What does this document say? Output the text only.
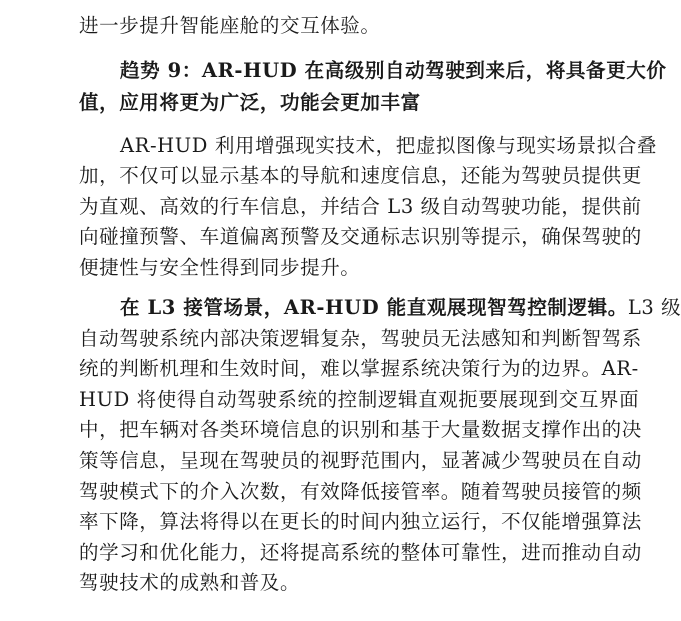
进一步提升智能座舱的交互体验。
趋势 9：AR-HUD 在高级别自动驾驶到来后，将具备更大价
值，应用将更为广泛，功能会更加丰富
AR-HUD 利用增强现实技术，把虚拟图像与现实场景拟合叠
加，不仅可以显示基本的导航和速度信息，还能为驾驶员提供更
为直观、高效的行车信息，并结合 L3 级自动驾驶功能，提供前
向碰撞预警、车道偏离预警及交通标志识别等提示，确保驾驶的
便捷性与安全性得到同步提升。
在 L3 接管场景，AR-HUD 能直观展现智驾控制逻辑。L3 级
自动驾驶系统内部决策逻辑复杂，驾驶员无法感知和判断智驾系
统的判断机理和生效时间，难以掌握系统决策行为的边界。AR-
HUD 将使得自动驾驶系统的控制逻辑直观扼要展现到交互界面
中，把车辆对各类环境信息的识别和基于大量数据支撑作出的决
策等信息，呈现在驾驶员的视野范围内，显著减少驾驶员在自动
驾驶模式下的介入次数，有效降低接管率。随着驾驶员接管的频
率下降，算法将得以在更长的时间内独立运行，不仅能增强算法
的学习和优化能力，还将提高系统的整体可靠性，进而推动自动
驾驶技术的成熟和普及。
